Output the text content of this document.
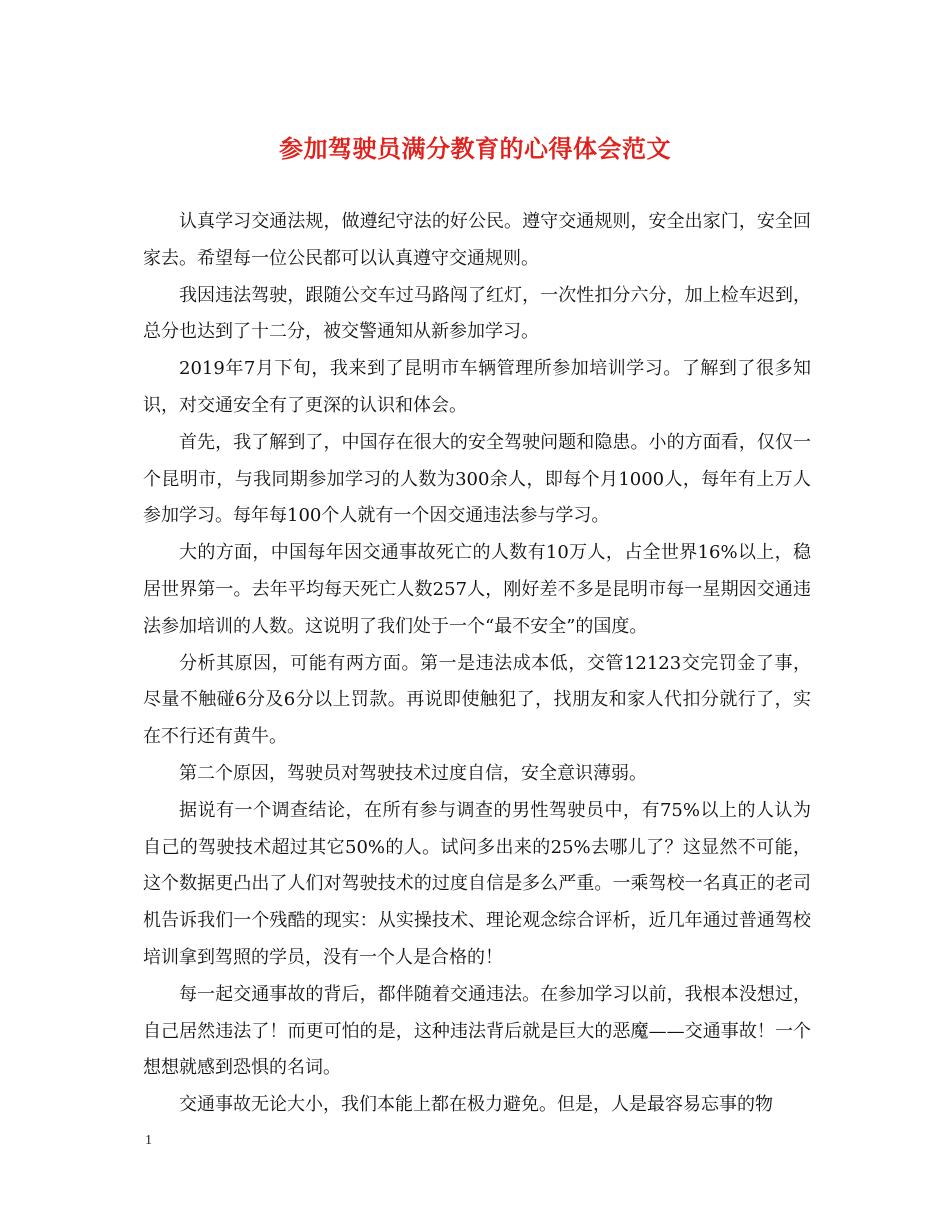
参加驾驶员满分教育的心得体会范文

认真学习交通法规，做遵纪守法的好公民。遵守交通规则，安全出家门，安全回家去。希望每一位公民都可以认真遵守交通规则。

我因违法驾驶，跟随公交车过马路闯了红灯，一次性扣分六分，加上检车迟到，总分也达到了十二分，被交警通知从新参加学习。

2019年7月下旬，我来到了昆明市车辆管理所参加培训学习。了解到了很多知识，对交通安全有了更深的认识和体会。

首先，我了解到了，中国存在很大的安全驾驶问题和隐患。小的方面看，仅仅一个昆明市，与我同期参加学习的人数为300余人，即每个月1000人，每年有上万人参加学习。每年每100个人就有一个因交通违法参与学习。

大的方面，中国每年因交通事故死亡的人数有10万人，占全世界16%以上，稳居世界第一。去年平均每天死亡人数257人，刚好差不多是昆明市每一星期因交通违法参加培训的人数。这说明了我们处于一个“最不安全”的国度。

分析其原因，可能有两方面。第一是违法成本低，交管12123交完罚金了事，尽量不触碰6分及6分以上罚款。再说即使触犯了，找朋友和家人代扣分就行了，实在不行还有黄牛。

第二个原因，驾驶员对驾驶技术过度自信，安全意识薄弱。

据说有一个调查结论，在所有参与调查的男性驾驶员中，有75%以上的人认为自己的驾驶技术超过其它50%的人。试问多出来的25%去哪儿了？这显然不可能，这个数据更凸出了人们对驾驶技术的过度自信是多么严重。一乘驾校一名真正的老司机告诉我们一个残酷的现实：从实操技术、理论观念综合评析，近几年通过普通驾校培训拿到驾照的学员，没有一个人是合格的！

每一起交通事故的背后，都伴随着交通违法。在参加学习以前，我根本没想过，自己居然违法了！而更可怕的是，这种违法背后就是巨大的恶魔——交通事故！一个想想就感到恐惧的名词。

交通事故无论大小，我们本能上都在极力避免。但是，人是最容易忘事的物

1
